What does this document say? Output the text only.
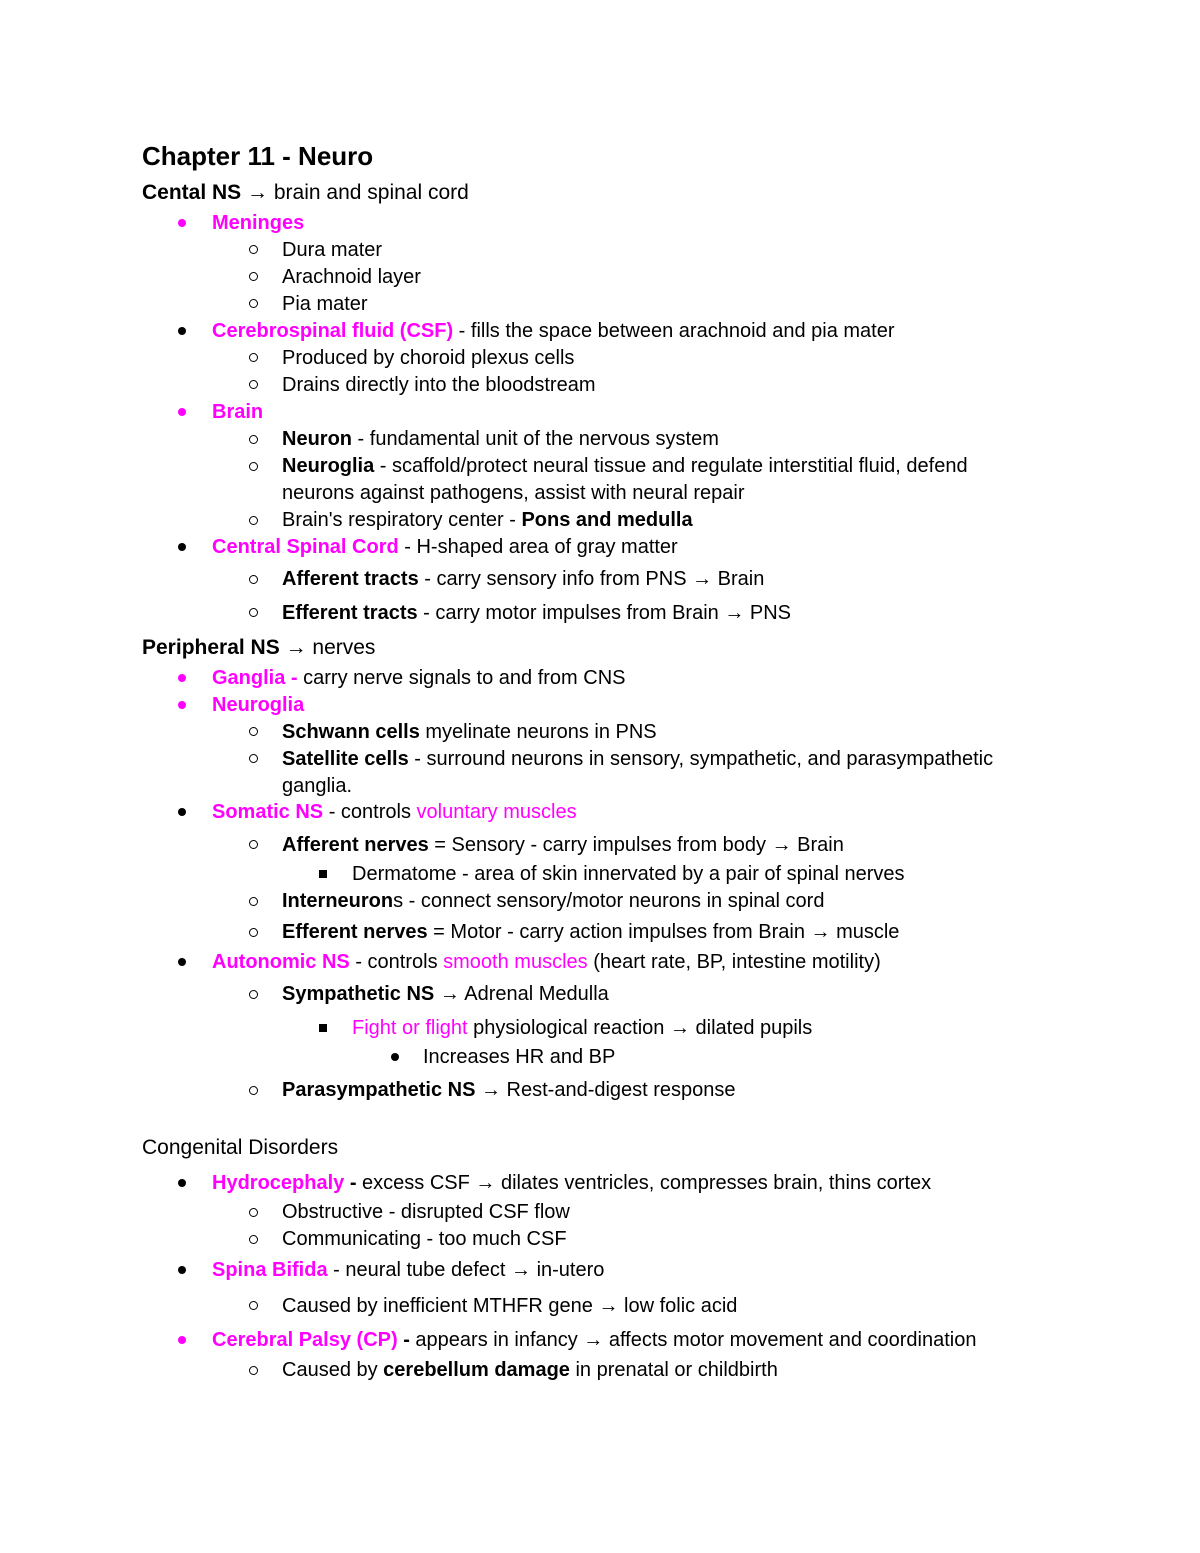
Chapter 11 - Neuro
Cental NS → brain and spinal cord
Meninges
Dura mater
Arachnoid layer
Pia mater
Cerebrospinal fluid (CSF) - fills the space between arachnoid and pia mater
Produced by choroid plexus cells
Drains directly into the bloodstream
Brain
Neuron - fundamental unit of the nervous system
Neuroglia - scaffold/protect neural tissue and regulate interstitial fluid, defend
neurons against pathogens, assist with neural repair
Brain's respiratory center - Pons and medulla
Central Spinal Cord - H-shaped area of gray matter
Afferent tracts - carry sensory info from PNS → Brain
Efferent tracts - carry motor impulses from Brain → PNS
Peripheral NS → nerves
Ganglia - carry nerve signals to and from CNS
Neuroglia
Schwann cells myelinate neurons in PNS
Satellite cells - surround neurons in sensory, sympathetic, and parasympathetic
ganglia.
Somatic NS - controls voluntary muscles
Afferent nerves = Sensory - carry impulses from body → Brain
Dermatome - area of skin innervated by a pair of spinal nerves
Interneurons - connect sensory/motor neurons in spinal cord
Efferent nerves = Motor - carry action impulses from Brain → muscle
Autonomic NS - controls smooth muscles (heart rate, BP, intestine motility)
Sympathetic NS → Adrenal Medulla
Fight or flight physiological reaction → dilated pupils
Increases HR and BP
Parasympathetic NS → Rest-and-digest response
Congenital Disorders
Hydrocephaly - excess CSF → dilates ventricles, compresses brain, thins cortex
Obstructive - disrupted CSF flow
Communicating - too much CSF
Spina Bifida - neural tube defect → in-utero
Caused by inefficient MTHFR gene → low folic acid
Cerebral Palsy (CP) - appears in infancy → affects motor movement and coordination
Caused by cerebellum damage in prenatal or childbirth
